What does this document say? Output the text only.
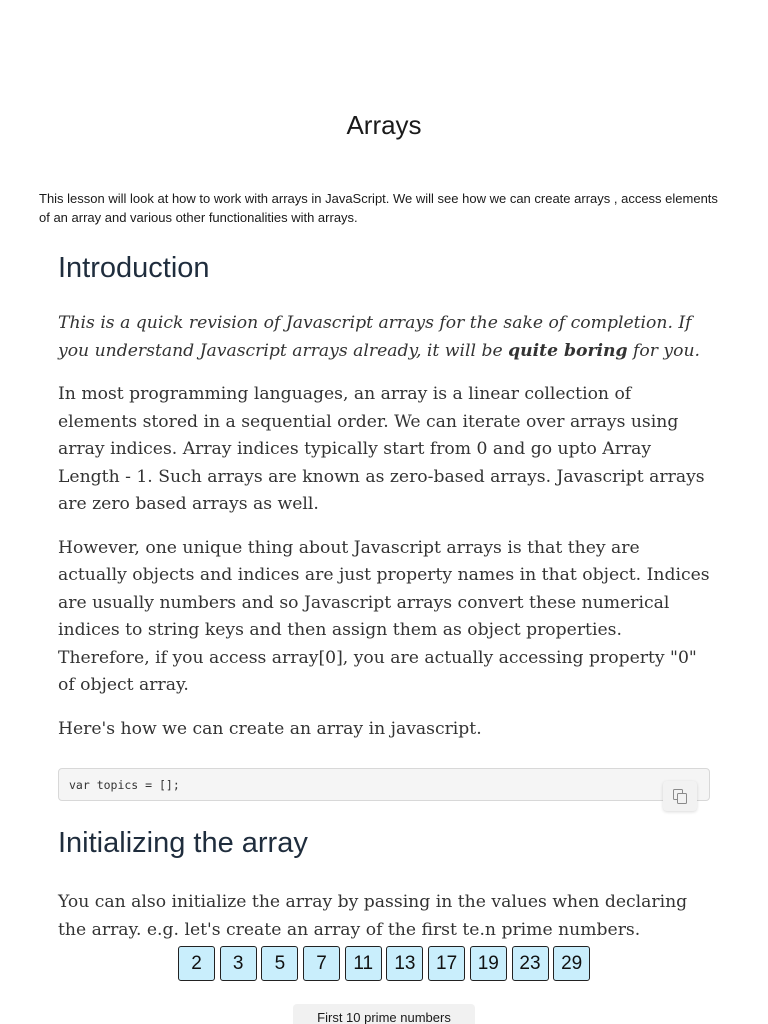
Arrays

This lesson will look at how to work with arrays in JavaScript. We will see how we can create arrays , access elements of an array and various other functionalities with arrays.

Introduction

This is a quick revision of Javascript arrays for the sake of completion. If you understand Javascript arrays already, it will be quite boring for you.

In most programming languages, an array is a linear collection of elements stored in a sequential order. We can iterate over arrays using array indices. Array indices typically start from 0 and go upto Array Length - 1. Such arrays are known as zero-based arrays. Javascript arrays are zero based arrays as well.

However, one unique thing about Javascript arrays is that they are actually objects and indices are just property names in that object. Indices are usually numbers and so Javascript arrays convert these numerical indices to string keys and then assign them as object properties. Therefore, if you access array[0], you are actually accessing property "0" of object array.

Here's how we can create an array in javascript.

var topics = [];
Initializing the array

You can also initialize the array by passing in the values when declaring the array. e.g. let's create an array of the first te.n prime numbers.

2	3	5	7	11	13	17	19	23	29
First 10 prime numbers
